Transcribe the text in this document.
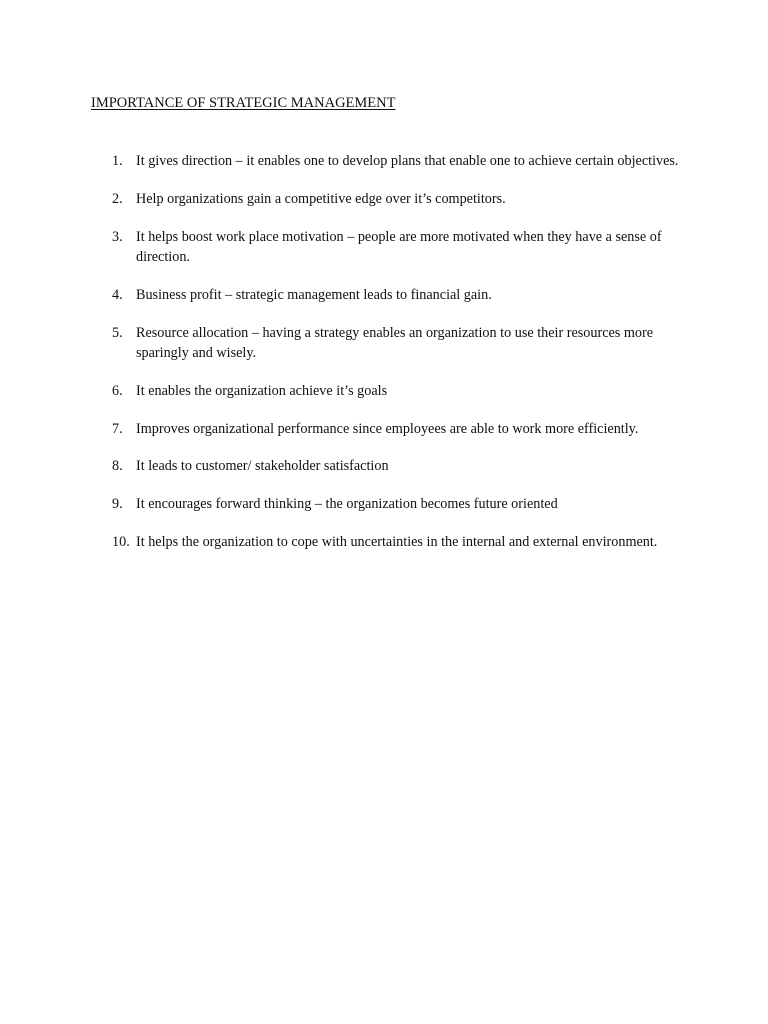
IMPORTANCE OF STRATEGIC MANAGEMENT
1. It gives direction – it enables one to develop plans that enable one to achieve certain objectives.
2. Help organizations gain a competitive edge over it’s competitors.
3. It helps boost work place motivation – people are more motivated when they have a sense of direction.
4. Business profit – strategic management leads to financial gain.
5. Resource allocation – having a strategy enables an organization to use their resources more sparingly and wisely.
6. It enables the organization achieve it’s goals
7. Improves organizational performance since employees are able to work more efficiently.
8. It leads to customer/ stakeholder satisfaction
9. It encourages forward thinking – the organization becomes future oriented
10. It helps the organization to cope with uncertainties in the internal and external environment.
